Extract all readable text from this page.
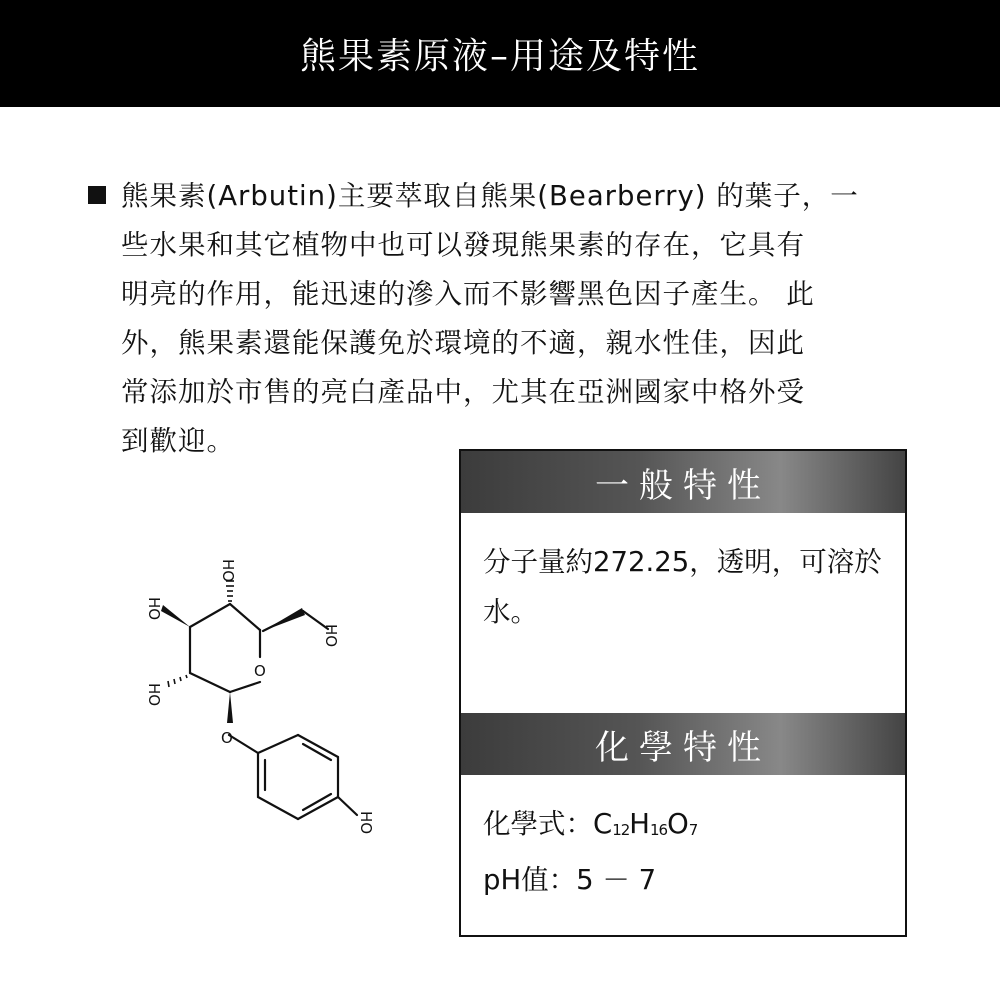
熊果素原液–用途及特性
熊果素(Arbutin)主要萃取自熊果(Bearberry) 的葉子，一
些水果和其它植物中也可以發現熊果素的存在，它具有
明亮的作用，能迅速的滲入而不影響黑色因子產生。 此
外，熊果素還能保護免於環境的不適，親水性佳，因此
常添加於市售的亮白產品中，尤其在亞洲國家中格外受
到歡迎。
O
O
HO
HO
HO
HO
HO
一般特性
分子量約272.25，透明，可溶於水。
化學特性
化學式：$C_{12}H_{16}O_7$
pH值：5 － 7
